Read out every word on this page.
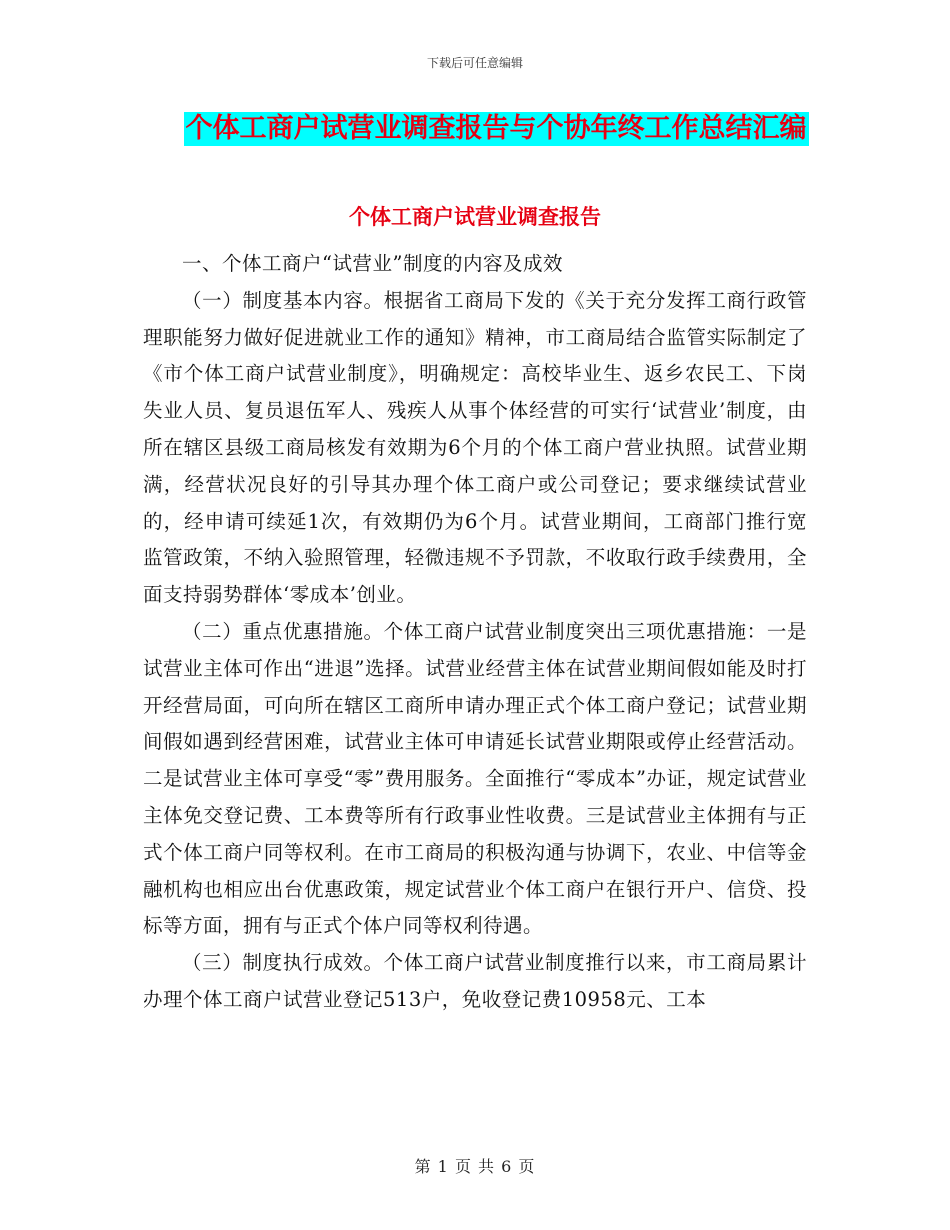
下载后可任意编辑
个体工商户试营业调查报告与个协年终工作总结汇编
个体工商户试营业调查报告

一、个体工商户“试营业”制度的内容及成效

（一）制度基本内容。根据省工商局下发的《关于充分发挥工商行政管理职能努力做好促进就业工作的通知》精神，市工商局结合监管实际制定了《市个体工商户试营业制度》，明确规定：高校毕业生、返乡农民工、下岗失业人员、复员退伍军人、残疾人从事个体经营的可实行‘试营业’制度，由所在辖区县级工商局核发有效期为6个月的个体工商户营业执照。试营业期满，经营状况良好的引导其办理个体工商户或公司登记；要求继续试营业的，经申请可续延1次，有效期仍为6个月。试营业期间，工商部门推行宽监管政策，不纳入验照管理，轻微违规不予罚款，不收取行政手续费用，全面支持弱势群体‘零成本’创业。

（二）重点优惠措施。个体工商户试营业制度突出三项优惠措施：一是试营业主体可作出“进退”选择。试营业经营主体在试营业期间假如能及时打开经营局面，可向所在辖区工商所申请办理正式个体工商户登记；试营业期间假如遇到经营困难，试营业主体可申请延长试营业期限或停止经营活动。二是试营业主体可享受“零”费用服务。全面推行“零成本”办证，规定试营业主体免交登记费、工本费等所有行政事业性收费。三是试营业主体拥有与正式个体工商户同等权利。在市工商局的积极沟通与协调下，农业、中信等金融机构也相应出台优惠政策，规定试营业个体工商户在银行开户、信贷、投标等方面，拥有与正式个体户同等权利待遇。

（三）制度执行成效。个体工商户试营业制度推行以来，市工商局累计办理个体工商户试营业登记513户，免收登记费10958元、工本

第 1 页 共 6 页
